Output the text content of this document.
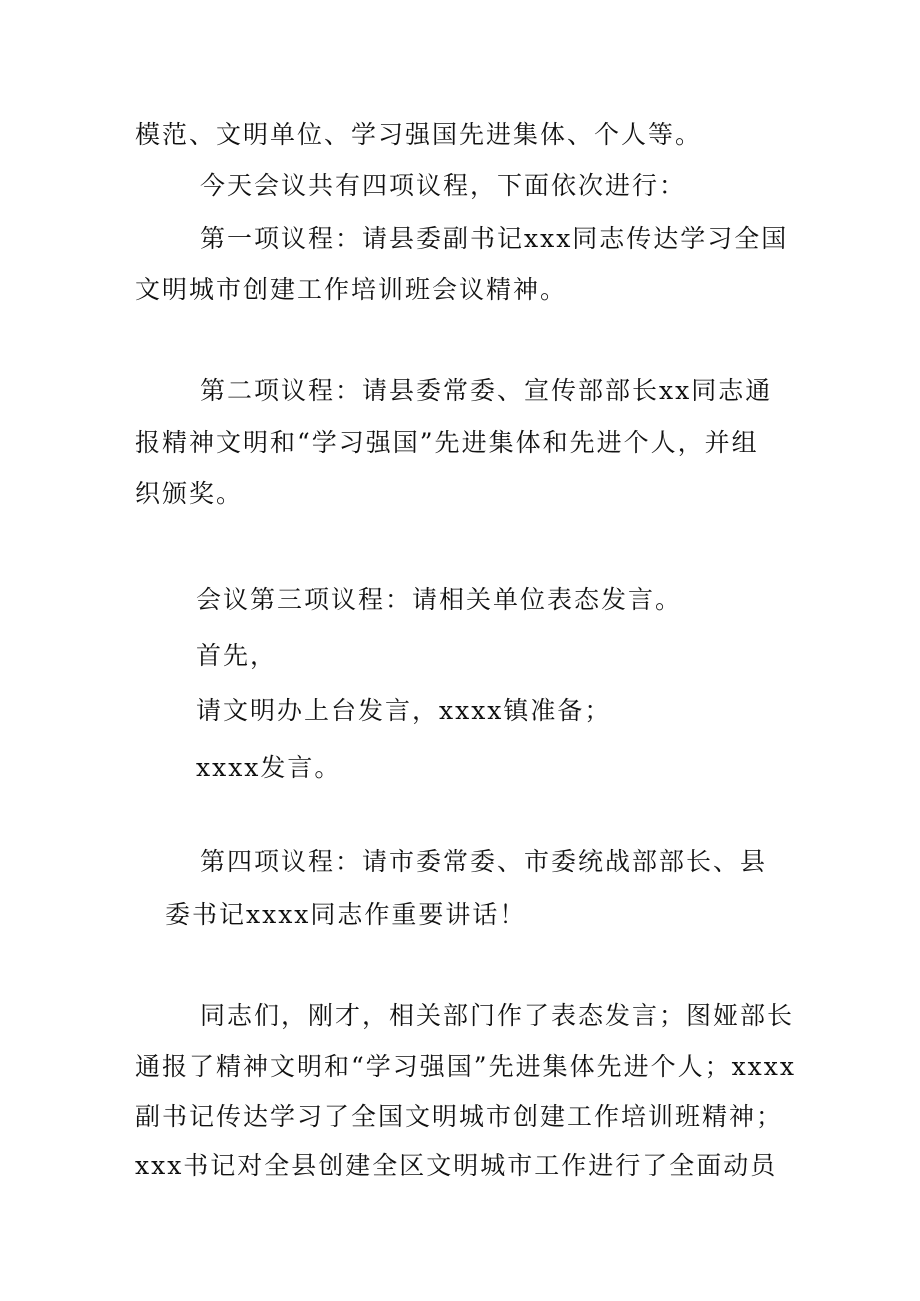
模范、文明单位、学习强国先进集体、个人等。
今天会议共有四项议程，下面依次进行：
第一项议程：请县委副书记xxx同志传达学习全国
文明城市创建工作培训班会议精神。
第二项议程：请县委常委、宣传部部长xx同志通
报精神文明和“学习强国”先进集体和先进个人，并组
织颁奖。
会议第三项议程：请相关单位表态发言。
首先，
请文明办上台发言，xxxx镇准备；
xxxx发言。
第四项议程：请市委常委、市委统战部部长、县
委书记xxxx同志作重要讲话！
同志们，刚才，相关部门作了表态发言；图娅部长
通报了精神文明和“学习强国”先进集体先进个人；xxxx
副书记传达学习了全国文明城市创建工作培训班精神；
xxx书记对全县创建全区文明城市工作进行了全面动员
